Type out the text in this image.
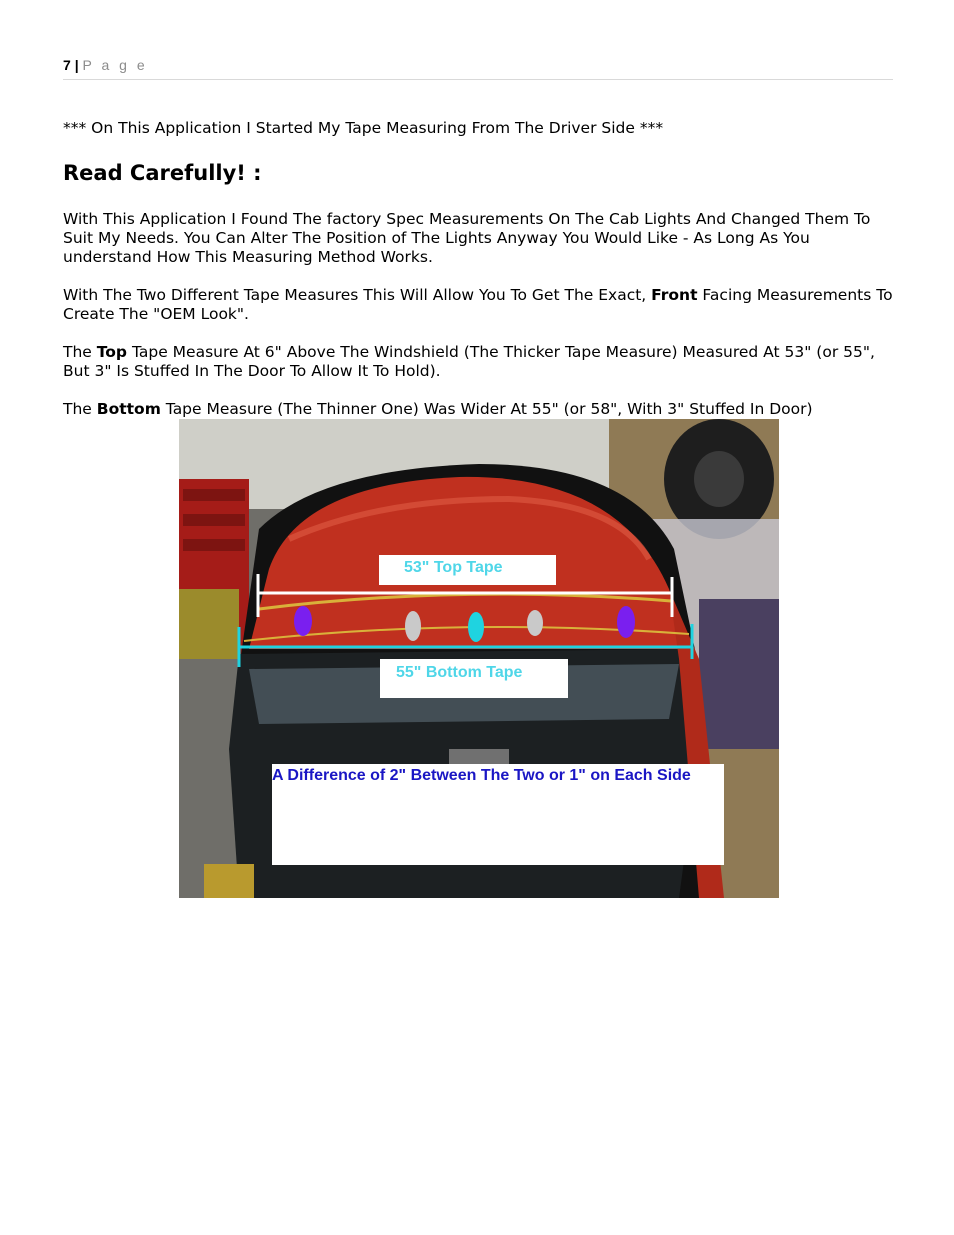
7 | P a g e

*** On This Application I Started My Tape Measuring From The Driver Side ***

Read Carefully! :

With This Application I Found The factory Spec Measurements On The Cab Lights And Changed Them To Suit My Needs. You Can Alter The Position of The Lights Anyway You Would Like - As Long As You understand How This Measuring Method Works.

With The Two Different Tape Measures This Will Allow You To Get The Exact, Front Facing Measurements To Create The "OEM Look".

The Top Tape Measure At 6" Above The Windshield (The Thicker Tape Measure) Measured At 53" (or 55", But 3" Is Stuffed In The Door To Allow It To Hold).

The Bottom Tape Measure (The Thinner One) Was Wider At 55" (or 58", With 3" Stuffed In Door)

53" Top Tape
55" Bottom Tape
A Difference of 2" Between The Two or 1" on Each Side
